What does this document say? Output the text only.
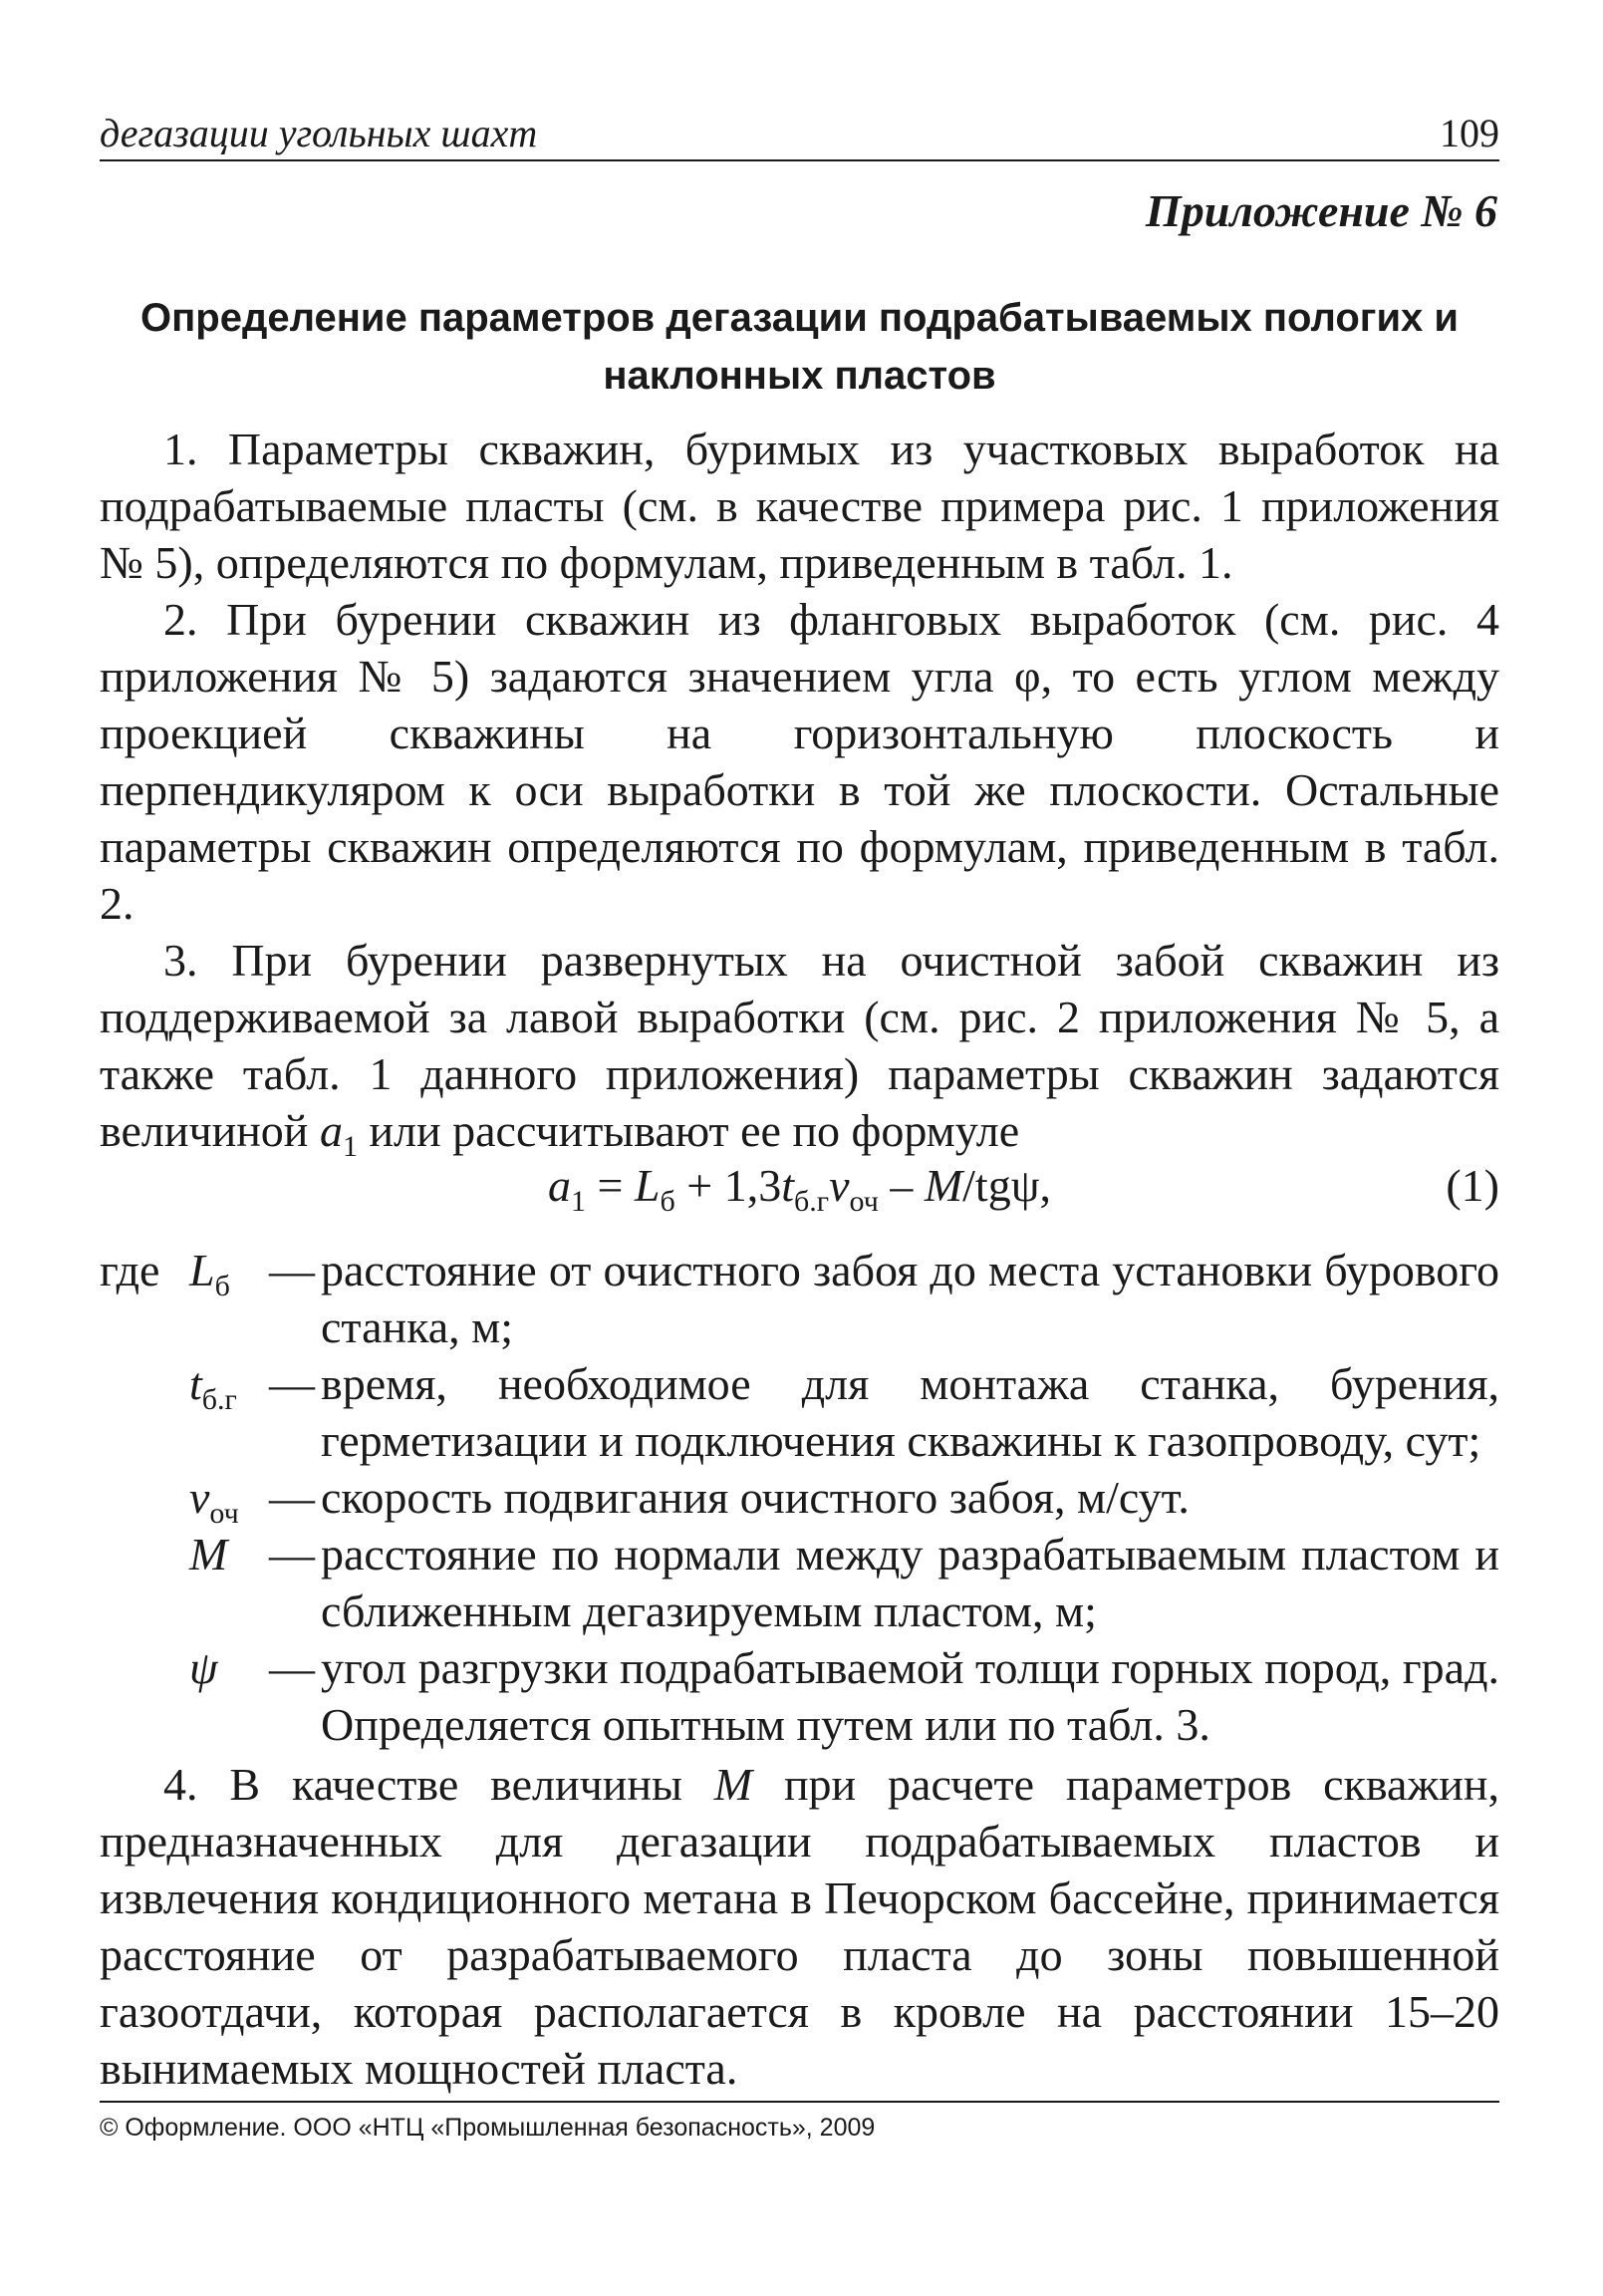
дегазации угольных шахт	109
Приложение № 6
Определение параметров дегазации подрабатываемых пологих и
наклонных пластов

1. Параметры скважин, буримых из участковых выработок на подрабатываемые пласты (см. в качестве примера рис. 1 приложения № 5), определяются по формулам, приведенным в табл. 1.

2. При бурении скважин из фланговых выработок (см. рис. 4 приложения № 5) задаются значением угла φ, то есть углом между проекцией скважины на горизонтальную плоскость и перпендикуляром к оси выработки в той же плоскости. Остальные параметры скважин определяются по формулам, приведенным в табл. 2.

3. При бурении развернутых на очистной забой скважин из поддерживаемой за лавой выработки (см. рис. 2 приложения № 5, а также табл. 1 данного приложения) параметры скважин задаются величиной $a_1$ или рассчитывают ее по формуле

$a_1 = L_б + 1,3t_{б.г}v_{оч} - M/tg\psi$,	(1)
где $L_б$ — расстояние от очистного забоя до места установки бурового станка, м;
$t_{б.г}$ — время, необходимое для монтажа станка, бурения, герметизации и подключения скважины к газопроводу, сут;
$v_{оч}$ — скорость подвигания очистного забоя, м/сут.
M — расстояние по нормали между разрабатываемым пластом и сближенным дегазируемым пластом, м;
ψ	— угол разгрузки подрабатываемой толщи горных пород, град. Определяется опытным путем или по табл. 3.

4. В качестве величины M при расчете параметров скважин, предназначенных для дегазации подрабатываемых пластов и извлечения кондиционного метана в Печорском бассейне, принимается расстояние от разрабатываемого пласта до зоны повышенной газоотдачи, которая располагается в кровле на расстоянии 15–20 вынимаемых мощностей пласта.

© Оформление. ООО «НТЦ «Промышленная безопасность», 2009
